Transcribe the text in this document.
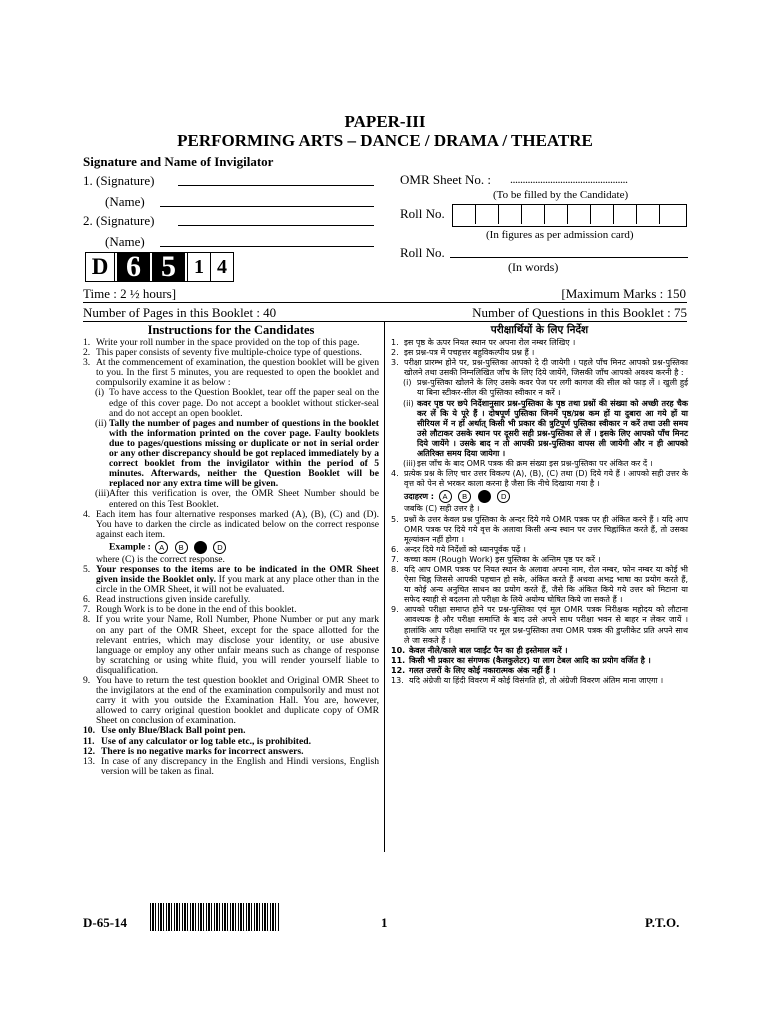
PAPER-III
PERFORMING ARTS – DANCE / DRAMA / THEATRE
Signature and Name of Invigilator
1. (Signature)
(Name)
2. (Signature)
(Name)
OMR Sheet No. : ...............................................
(To be filled by the Candidate)
Roll No.
(In figures as per admission card)
Roll No.
(In words)
D 6 5 1 4
Time : 2 ½ hours]	[Maximum Marks : 150
Number of Pages in this Booklet : 40	Number of Questions in this Booklet : 75

Instructions for the Candidates

1. Write your roll number in the space provided on the top of this page.
2. This paper consists of seventy five multiple-choice type of questions.
3. At the commencement of examination, the question booklet will be given to you. In the first 5 minutes, you are requested to open the booklet and compulsorily examine it as below :
(i) To have access to the Question Booklet, tear off the paper seal on the edge of this cover page. Do not accept a booklet without sticker-seal and do not accept an open booklet.
(ii) Tally the number of pages and number of questions in the booklet with the information printed on the cover page. Faulty booklets due to pages/questions missing or duplicate or not in serial order or any other discrepancy should be got replaced immediately by a correct booklet from the invigilator within the period of 5 minutes. Afterwards, neither the Question Booklet will be replaced nor any extra time will be given.
(iii) After this verification is over, the OMR Sheet Number should be entered on this Test Booklet.
4. Each item has four alternative responses marked (A), (B), (C) and (D). You have to darken the circle as indicated below on the correct response against each item.
Example : A B C D
where (C) is the correct response.
5. Your responses to the items are to be indicated in the OMR Sheet given inside the Booklet only. If you mark at any place other than in the circle in the OMR Sheet, it will not be evaluated.
6. Read instructions given inside carefully.
7. Rough Work is to be done in the end of this booklet.
8. If you write your Name, Roll Number, Phone Number or put any mark on any part of the OMR Sheet, except for the space allotted for the relevant entries, which may disclose your identity, or use abusive language or employ any other unfair means such as change of response by scratching or using white fluid, you will render yourself liable to disqualification.
9. You have to return the test question booklet and Original OMR Sheet to the invigilators at the end of the examination compulsorily and must not carry it with you outside the Examination Hall. You are, however, allowed to carry original question booklet and duplicate copy of OMR Sheet on conclusion of examination.
10. Use only Blue/Black Ball point pen.
11. Use of any calculator or log table etc., is prohibited.
12. There is no negative marks for incorrect answers.
13. In case of any discrepancy in the English and Hindi versions, English version will be taken as final.

परीक्षार्थियों के लिए निर्देश

1. इस पृष्ठ के ऊपर नियत स्थान पर अपना रोल नम्बर लिखिए ।
2. इस प्रश्न-पत्र में पचहत्तर बहुविकल्पीय प्रश्न हैं ।
3. परीक्षा प्रारम्भ होने पर, प्रश्न-पुस्तिका आपको दे दी जायेगी । पहले पाँच मिनट आपको प्रश्न-पुस्तिका खोलने तथा उसकी निम्नलिखित जाँच के लिए दिये जायेंगे, जिसकी जाँच आपको अवश्य करनी है :
(i) प्रश्न-पुस्तिका खोलने के लिए उसके कवर पेज पर लगी कागज की सील को फाड़ लें । खुली हुई या बिना स्टीकर-सील की पुस्तिका स्वीकार न करें ।
(ii) कवर पृष्ठ पर छपे निर्देशानुसार प्रश्न-पुस्तिका के पृष्ठ तथा प्रश्नों की संख्या को अच्छी तरह चैक कर लें कि ये पूरे हैं । दोषपूर्ण पुस्तिका जिनमें पृष्ठ/प्रश्न कम हों या दुबारा आ गये हों या सीरियल में न हों अर्थात् किसी भी प्रकार की त्रुटिपूर्ण पुस्तिका स्वीकार न करें तथा उसी समय उसे लौटाकर उसके स्थान पर दूसरी सही प्रश्न-पुस्तिका ले लें । इसके लिए आपको पाँच मिनट दिये जायेंगे । उसके बाद न तो आपकी प्रश्न-पुस्तिका वापस ली जायेगी और न ही आपको अतिरिक्त समय दिया जायेगा ।
(iii) इस जाँच के बाद OMR पत्रक की क्रम संख्या इस प्रश्न-पुस्तिका पर अंकित कर दें ।
4. प्रत्येक प्रश्न के लिए चार उत्तर विकल्प (A), (B), (C) तथा (D) दिये गये हैं । आपको सही उत्तर के वृत्त को पेन से भरकर काला करना है जैसा कि नीचे दिखाया गया है ।
उदाहरण : A B C D
जबकि (C) सही उत्तर है ।
5. प्रश्नों के उत्तर केवल प्रश्न पुस्तिका के अन्दर दिये गये OMR पत्रक पर ही अंकित करने हैं । यदि आप OMR पत्रक पर दिये गये वृत्त के अलावा किसी अन्य स्थान पर उत्तर चिह्नांकित करते हैं, तो उसका मूल्यांकन नहीं होगा ।
6. अन्दर दिये गये निर्देशों को ध्यानपूर्वक पढ़ें ।
7. कच्चा काम (Rough Work) इस पुस्तिका के अन्तिम पृष्ठ पर करें ।
8. यदि आप OMR पत्रक पर नियत स्थान के अलावा अपना नाम, रोल नम्बर, फोन नम्बर या कोई भी ऐसा चिह्न जिससे आपकी पहचान हो सके, अंकित करते हैं अथवा अभद्र भाषा का प्रयोग करते हैं, या कोई अन्य अनुचित साधन का प्रयोग करते हैं, जैसे कि अंकित किये गये उत्तर को मिटाना या सफेद स्याही से बदलना तो परीक्षा के लिये अयोग्य घोषित किये जा सकते हैं ।
9. आपको परीक्षा समाप्त होने पर प्रश्न-पुस्तिका एवं मूल OMR पत्रक निरीक्षक महोदय को लौटाना आवश्यक है और परीक्षा समाप्ति के बाद उसे अपने साथ परीक्षा भवन से बाहर न लेकर जायें । हालांकि आप परीक्षा समाप्ति पर मूल प्रश्न-पुस्तिका तथा OMR पत्रक की डुप्लीकेट प्रति अपने साथ ले जा सकते हैं ।
10. केवल नीले/काले बाल प्वाईंट पैन का ही इस्तेमाल करें ।
11. किसी भी प्रकार का संगणक (कैलकुलेटर) या लाग टेबल आदि का प्रयोग वर्जित है ।
12. गलत उत्तरों के लिए कोई नकारात्मक अंक नहीं हैं ।
13. यदि अंग्रेजी या हिंदी विवरण में कोई विसंगति हो, तो अंग्रेजी विवरण अंतिम माना जाएगा ।
D-65-14	1	P.T.O.
